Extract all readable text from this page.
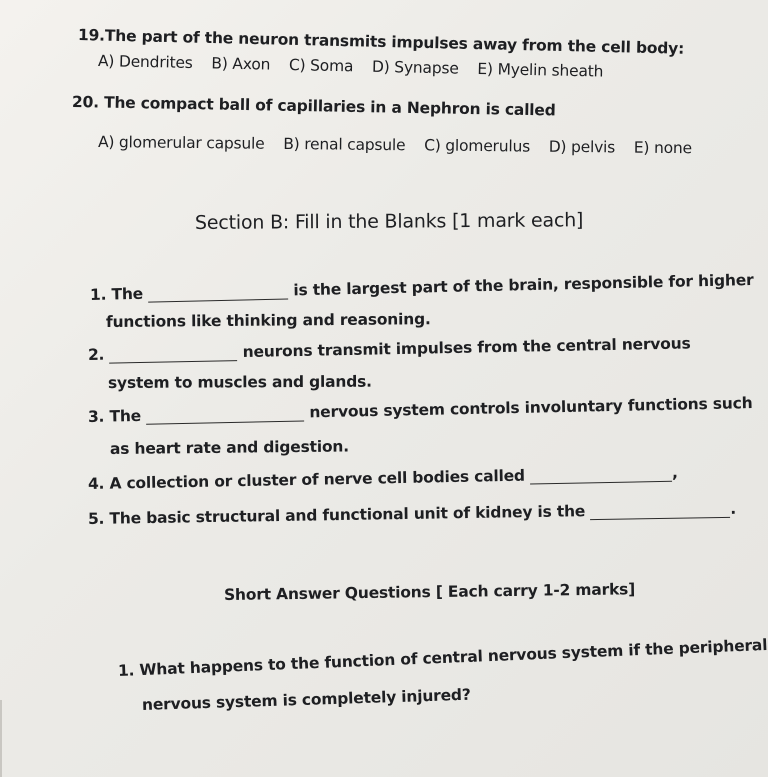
19.The part of the neuron transmits impulses away from the cell body:
A) Dendrites B) Axon C) Soma D) Synapse E) Myelin sheath
20. The compact ball of capillaries in a Nephron is called
A) glomerular capsule B) renal capsule C) glomerulus D) pelvis E) none
Section B: Fill in the Blanks [1 mark each]
1. The	is the largest part of the brain, responsible for higher
functions like thinking and reasoning.
2.	neurons transmit impulses from the central nervous
system to muscles and glands.
3. The	nervous system controls involuntary functions such
as heart rate and digestion.
4. A collection or cluster of nerve cell bodies called	,
5. The basic structural and functional unit of kidney is the	.
Short Answer Questions [ Each carry 1-2 marks]
1. What happens to the function of central nervous system if the peripheral
nervous system is completely injured?
